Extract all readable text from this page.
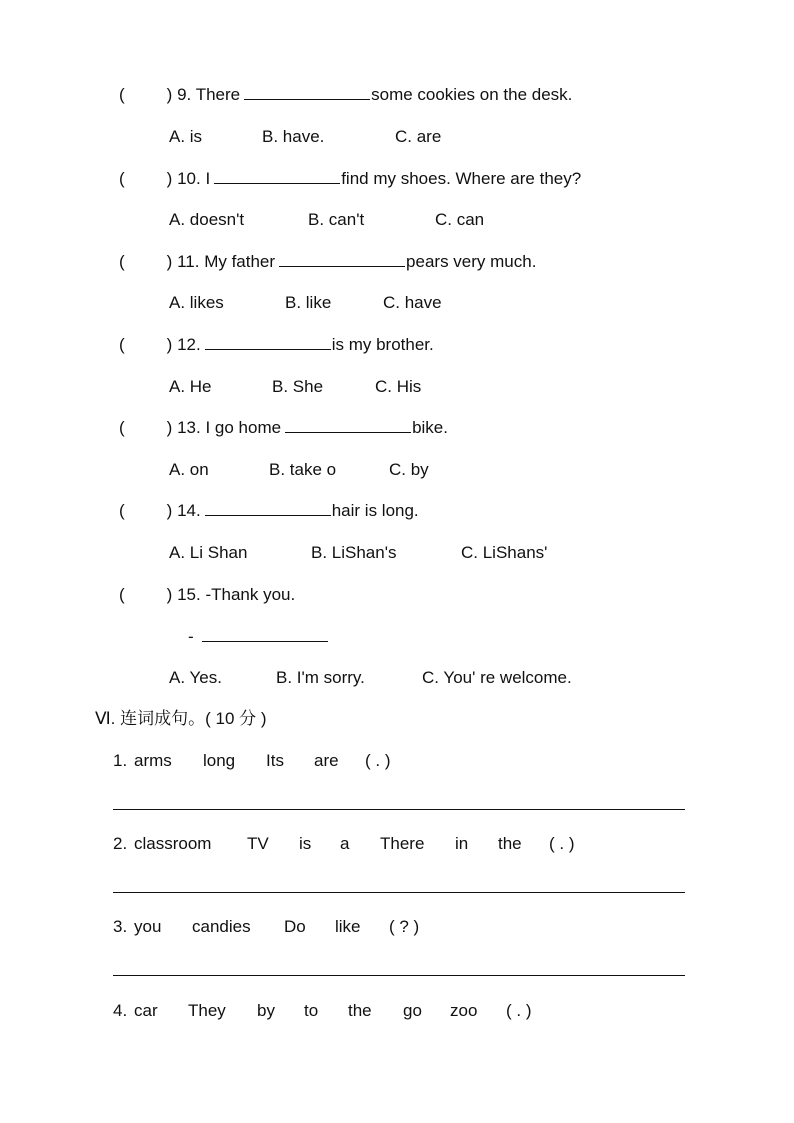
( ) 9. There	some cookies on the desk.
A. is	B. have.	C. are
( ) 10. I	find my shoes. Where are they?
A. doesn't	B. can't	C. can
( ) 11. My father	pears very much.
A. likes	B. like	C. have
( ) 12.	is my brother.
A. He	B. She	C. His
( ) 13. I go home	bike.
A. on	B. take o	C. by
( ) 14.	hair is long.
A. Li Shan	B. LiShan's	C. LiShans'
( ) 15. -Thank you.
-
A. Yes.	B. I'm sorry.	C. You' re welcome.
Ⅵ. 连词成句。( 10 分 )
1. arms long Its are ( . )
2. classroom TV is a There in the ( . )
3. you candies Do like ( ? )
4. car They by to the go zoo ( . )
